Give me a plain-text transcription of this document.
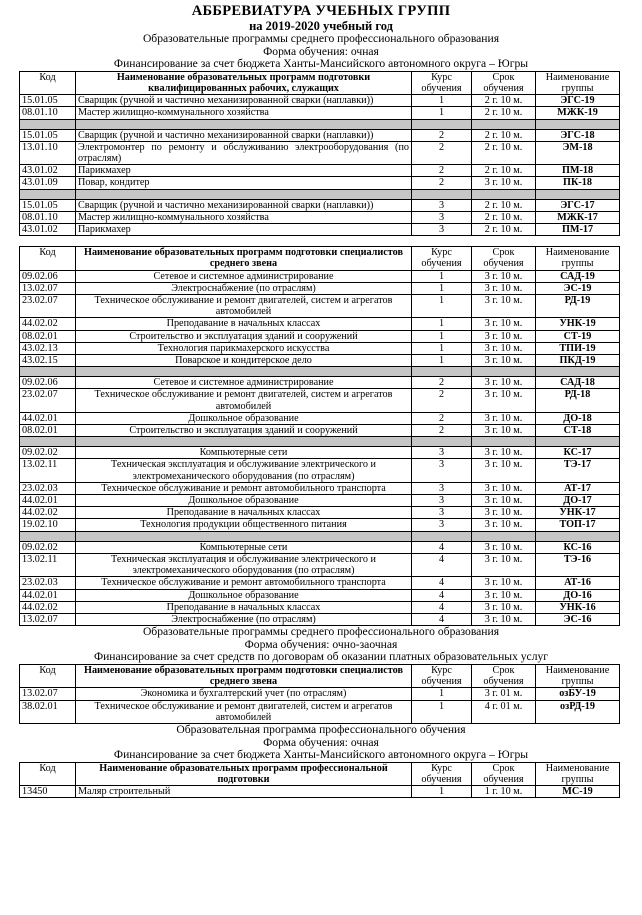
АББРЕВИАТУРА УЧЕБНЫХ ГРУПП
на 2019-2020 учебный год
Образовательные программы среднего профессионального образования
Форма обучения: очная
Финансирование за счет бюджета Ханты-Мансийского автономного округа – Югры
Код	Наименование образовательных программ подготовки квалифицированных рабочих, служащих	Курс обучения	Срок обучения	Наименование группы
15.01.05	Сварщик (ручной и частично механизированной сварки (наплавки))	1	2 г. 10 м.	ЭГС-19
08.01.10	Мастер жилищно-коммунального хозяйства	1	2 г. 10 м.	МЖК-19

15.01.05	Сварщик (ручной и частично механизированной сварки (наплавки))	2	2 г. 10 м.	ЭГС-18
13.01.10	Электромонтер по ремонту и обслуживанию электрооборудования (по отраслям)	2	2 г. 10 м.	ЭМ-18
43.01.02	Парикмахер	2	2 г. 10 м.	ПМ-18
43.01.09	Повар, кондитер	2	3 г. 10 м.	ПК-18

15.01.05	Сварщик (ручной и частично механизированной сварки (наплавки))	3	2 г. 10 м.	ЭГС-17
08.01.10	Мастер жилищно-коммунального хозяйства	3	2 г. 10 м.	МЖК-17
43.01.02	Парикмахер	3	2 г. 10 м.	ПМ-17
Код	Наименование образовательных программ подготовки специалистов среднего звена	Курс обучения	Срок обучения	Наименование группы
09.02.06	Сетевое и системное администрирование	1	3 г. 10 м.	САД-19
13.02.07	Электроснабжение (по отраслям)	1	3 г. 10 м.	ЭС-19
23.02.07	Техническое обслуживание и ремонт двигателей, систем и агрегатов автомобилей	1	3 г. 10 м.	РД-19
44.02.02	Преподавание в начальных классах	1	3 г. 10 м.	УНК-19
08.02.01	Строительство и эксплуатация зданий и сооружений	1	3 г. 10 м.	СТ-19
43.02.13	Технология парикмахерского искусства	1	3 г. 10 м.	ТПИ-19
43.02.15	Поварское и кондитерское дело	1	3 г. 10 м.	ПКД-19

09.02.06	Сетевое и системное администрирование	2	3 г. 10 м.	САД-18
23.02.07	Техническое обслуживание и ремонт двигателей, систем и агрегатов автомобилей	2	3 г. 10 м.	РД-18
44.02.01	Дошкольное образование	2	3 г. 10 м.	ДО-18
08.02.01	Строительство и эксплуатация зданий и сооружений	2	3 г. 10 м.	СТ-18

09.02.02	Компьютерные сети	3	3 г. 10 м.	КС-17
13.02.11	Техническая эксплуатация и обслуживание электрического и электромеханического оборудования (по отраслям)	3	3 г. 10 м.	ТЭ-17
23.02.03	Техническое обслуживание и ремонт автомобильного транспорта	3	3 г. 10 м.	АТ-17
44.02.01	Дошкольное образование	3	3 г. 10 м.	ДО-17
44.02.02	Преподавание в начальных классах	3	3 г. 10 м.	УНК-17
19.02.10	Технология продукции общественного питания	3	3 г. 10 м.	ТОП-17

09.02.02	Компьютерные сети	4	3 г. 10 м.	КС-16
13.02.11	Техническая эксплуатация и обслуживание электрического и электромеханического оборудования (по отраслям)	4	3 г. 10 м.	ТЭ-16
23.02.03	Техническое обслуживание и ремонт автомобильного транспорта	4	3 г. 10 м.	АТ-16
44.02.01	Дошкольное образование	4	3 г. 10 м.	ДО-16
44.02.02	Преподавание в начальных классах	4	3 г. 10 м.	УНК-16
13.02.07	Электроснабжение (по отраслям)	4	3 г. 10 м.	ЭС-16
Образовательные программы среднего профессионального образования
Форма обучения: очно-заочная
Финансирование за счет средств по договорам об оказании платных образовательных услуг
Код	Наименование образовательных программ подготовки специалистов среднего звена	Курс обучения	Срок обучения	Наименование группы
13.02.07	Экономика и бухгалтерский учет (по отраслям)	1	3 г. 01 м.	озБУ-19
38.02.01	Техническое обслуживание и ремонт двигателей, систем и агрегатов автомобилей	1	4 г. 01 м.	озРД-19
Образовательная программа профессионального обучения
Форма обучения: очная
Финансирование за счет бюджета Ханты-Мансийского автономного округа – Югры
Код	Наименование образовательных программ профессиональной подготовки	Курс обучения	Срок обучения	Наименование группы
13450	Маляр строительный	1	1 г. 10 м.	МС-19
